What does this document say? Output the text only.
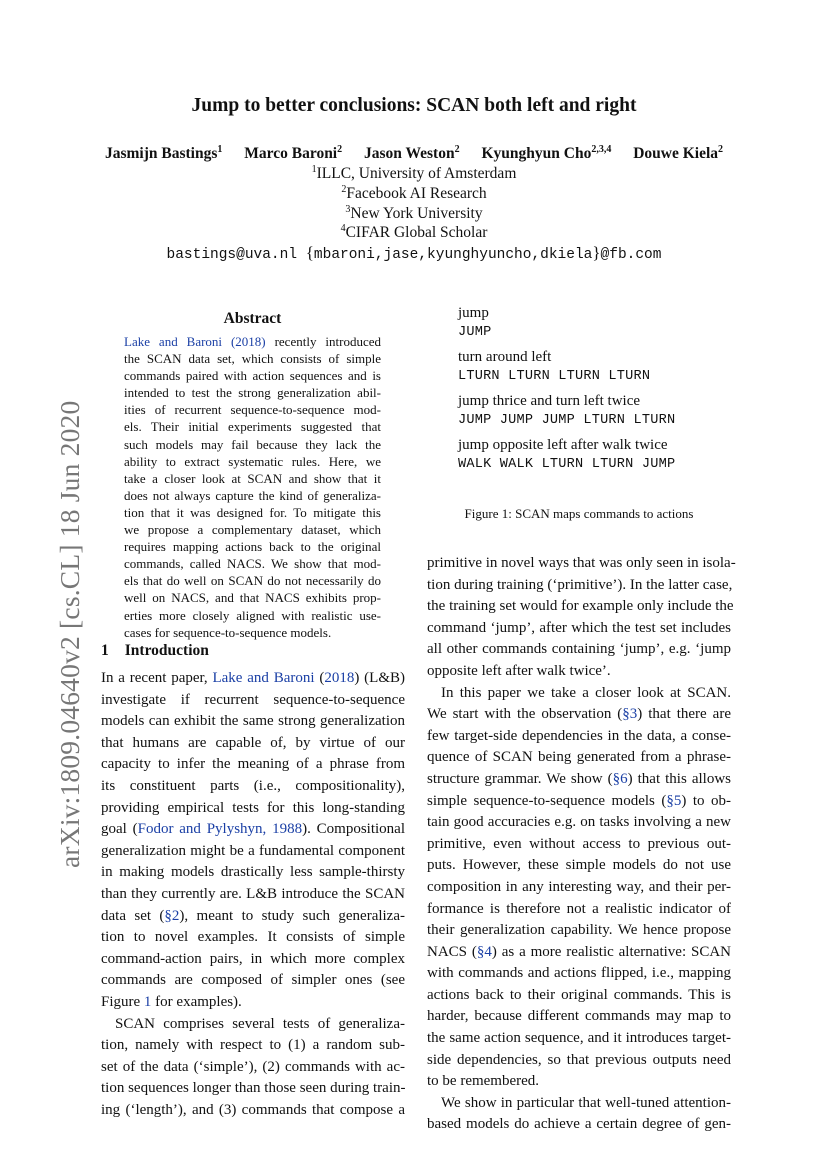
Jump to better conclusions: SCAN both left and right
Jasmijn Bastings$^1$ Marco Baroni$^2$ Jason Weston$^2$ Kyunghyun Cho$^{2,3,4}$ Douwe Kiela$^2$
$^1$ILLC, University of Amsterdam
$^2$Facebook AI Research
$^3$New York University
$^4$CIFAR Global Scholar
bastings@uva.nl {mbaroni,jase,kyunghyuncho,dkiela}@fb.com
arXiv:1809.04640v2 [cs.CL] 18 Jun 2020
Abstract
Lake and Baroni (2018) recently introduced
the SCAN data set, which consists of simple
commands paired with action sequences and is
intended to test the strong generalization abil-
ities of recurrent sequence-to-sequence mod-
els. Their initial experiments suggested that
such models may fail because they lack the
ability to extract systematic rules. Here, we
take a closer look at SCAN and show that it
does not always capture the kind of generaliza-
tion that it was designed for. To mitigate this
we propose a complementary dataset, which
requires mapping actions back to the original
commands, called NACS. We show that mod-
els that do well on SCAN do not necessarily do
well on NACS, and that NACS exhibits prop-
erties more closely aligned with realistic use-
cases for sequence-to-sequence models.
1 Introduction
In a recent paper, Lake and Baroni (2018) (L&B)
investigate if recurrent sequence-to-sequence
models can exhibit the same strong generalization
that humans are capable of, by virtue of our
capacity to infer the meaning of a phrase from
its constituent parts (i.e., compositionality),
providing empirical tests for this long-standing
goal (Fodor and Pylyshyn, 1988). Compositional
generalization might be a fundamental component
in making models drastically less sample-thirsty
than they currently are. L&B introduce the SCAN
data set (§2), meant to study such generaliza-
tion to novel examples. It consists of simple
command-action pairs, in which more complex
commands are composed of simpler ones (see
Figure 1 for examples).
SCAN comprises several tests of generaliza-
tion, namely with respect to (1) a random sub-
set of the data (‘simple’), (2) commands with ac-
tion sequences longer than those seen during train-
ing (‘length’), and (3) commands that compose a
primitive in novel ways that was only seen in isola-
tion during training (‘primitive’). In the latter case,
the training set would for example only include the
command ‘jump’, after which the test set includes
all other commands containing ‘jump’, e.g. ‘jump
opposite left after walk twice’.
In this paper we take a closer look at SCAN.
We start with the observation (§3) that there are
few target-side dependencies in the data, a conse-
quence of SCAN being generated from a phrase-
structure grammar. We show (§6) that this allows
simple sequence-to-sequence models (§5) to ob-
tain good accuracies e.g. on tasks involving a new
primitive, even without access to previous out-
puts. However, these simple models do not use
composition in any interesting way, and their per-
formance is therefore not a realistic indicator of
their generalization capability. We hence propose
NACS (§4) as a more realistic alternative: SCAN
with commands and actions flipped, i.e., mapping
actions back to their original commands. This is
harder, because different commands may map to
the same action sequence, and it introduces target-
side dependencies, so that previous outputs need
to be remembered.
We show in particular that well-tuned attention-
based models do achieve a certain degree of gen-
jump
JUMP
turn around left
LTURN LTURN LTURN LTURN
jump thrice and turn left twice
JUMP JUMP JUMP LTURN LTURN
jump opposite left after walk twice
WALK WALK LTURN LTURN JUMP
Figure 1: SCAN maps commands to actions
